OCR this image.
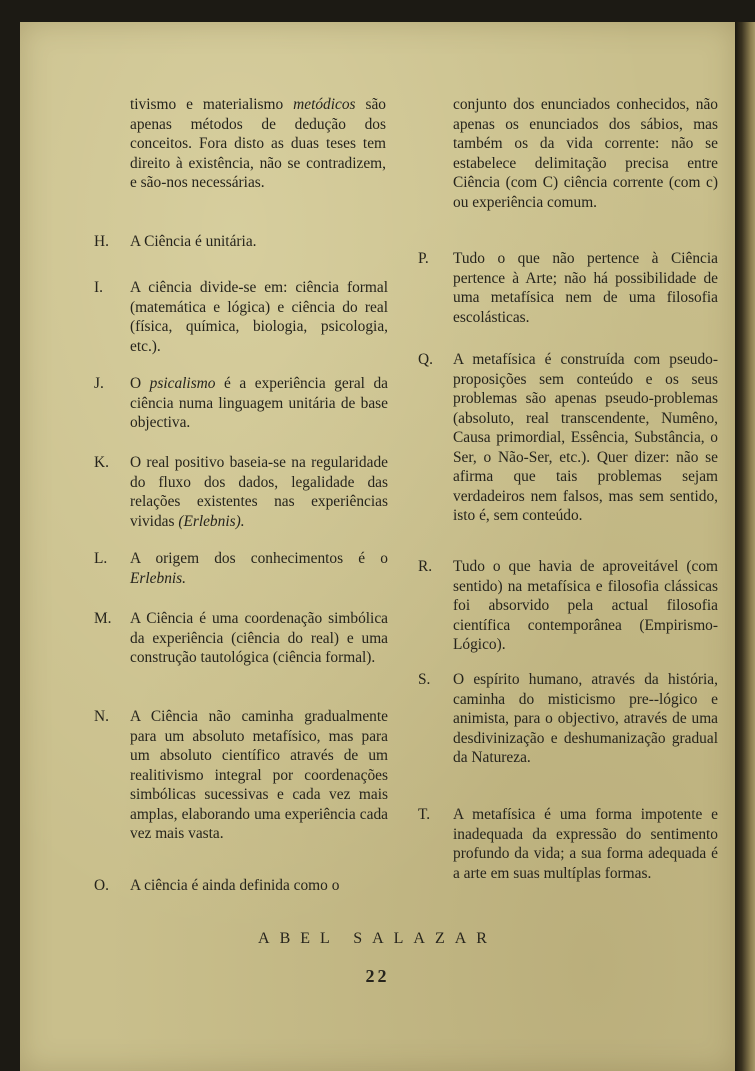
tivismo e materialismo metódicos são apenas métodos de dedução dos conceitos. Fora disto as duas teses tem direito à existência, não se contradizem, e são-nos necessárias.

H.	A Ciência é unitária.
I.	A ciência divide-se em: ciência formal (matemática e lógica) e ciência do real (física, química, biologia, psicologia, etc.).
J.	O psicalismo é a experiência geral da ciência numa linguagem unitária de base objectiva.
K.	O real positivo baseia-se na regularidade do fluxo dos dados, legalidade das relações existentes nas experiências vividas (Erlebnis).
L.	A origem dos conhecimentos é o Erlebnis.
M.	A Ciência é uma coordenação simbólica da experiência (ciência do real) e uma construção tautológica (ciência formal).
N.	A Ciência não caminha gradualmente para um absoluto metafísico, mas para um absoluto científico através de um realitivismo integral por coordenações simbólicas sucessivas e cada vez mais amplas, elaborando uma experiência cada vez mais vasta.
O.	A ciência é ainda definida como o

conjunto dos enunciados conhecidos, não apenas os enunciados dos sábios, mas também os da vida corrente: não se estabelece delimitação precisa entre Ciência (com C) ciência corrente (com c) ou experiência comum.

P.	Tudo o que não pertence à Ciência pertence à Arte; não há possibilidade de uma metafísica nem de uma filosofia escolásticas.
Q.	A metafísica é construída com pseudo-proposições sem conteúdo e os seus problemas são apenas pseudo-problemas (absoluto, real transcendente, Numêno, Causa primordial, Essência, Substância, o Ser, o Não-Ser, etc.). Quer dizer: não se afirma que tais problemas sejam verdadeiros nem falsos, mas sem sentido, isto é, sem conteúdo.
R.	Tudo o que havia de aproveitável (com sentido) na metafísica e filosofia clássicas foi absorvido pela actual filosofia científica contemporânea (Empirismo-Lógico).
S.	O espírito humano, através da história, caminha do misticismo pre--lógico e animista, para o objectivo, através de uma desdivinização e deshumanização gradual da Natureza.
T.	A metafísica é uma forma impotente e inadequada da expressão do sentimento profundo da vida; a sua forma adequada é a arte em suas multíplas formas.
ABEL SALAZAR
22
